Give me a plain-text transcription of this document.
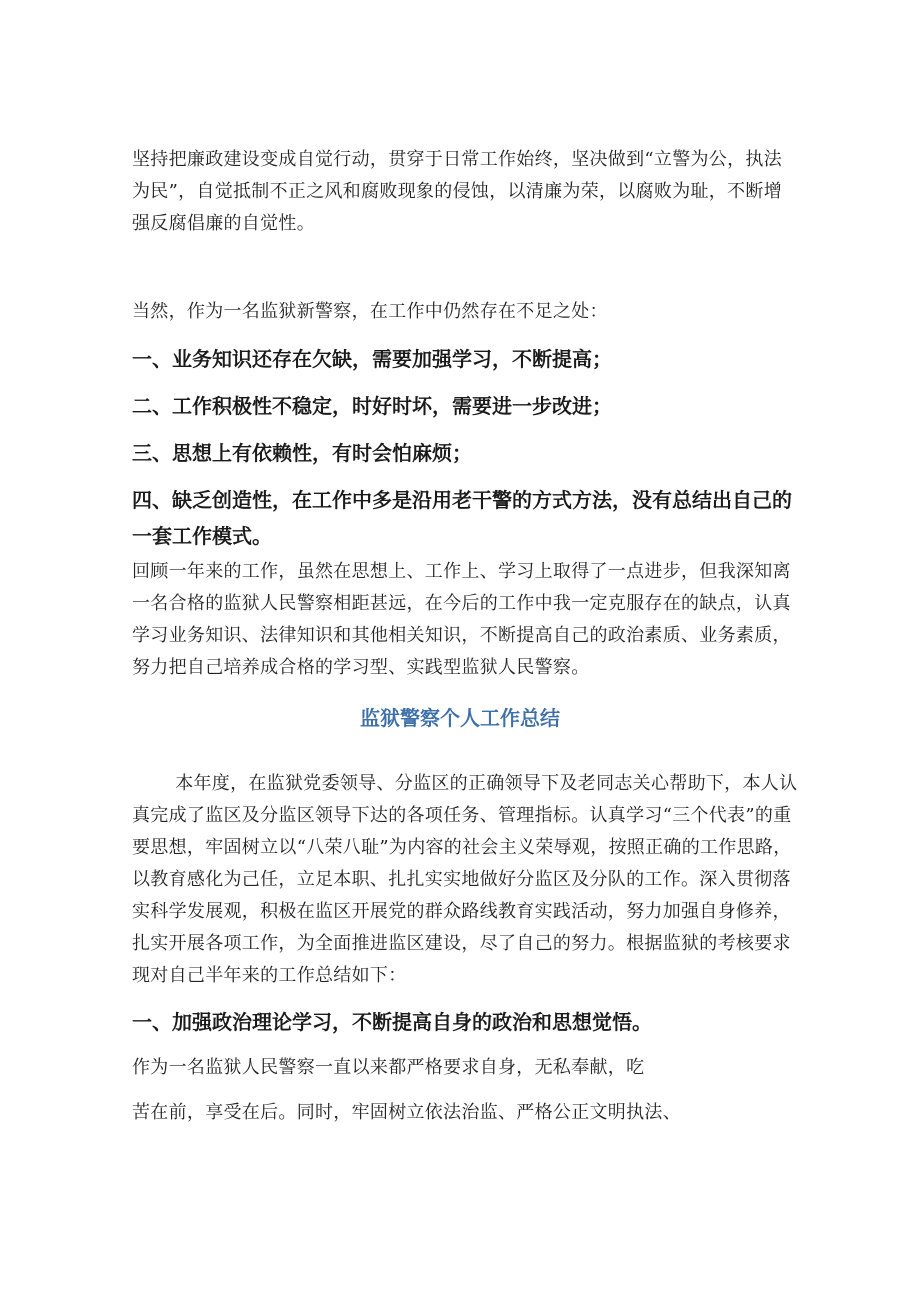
坚持把廉政建设变成自觉行动，贯穿于日常工作始终，坚决做到“立警为公，执法为民”，自觉抵制不正之风和腐败现象的侵蚀，以清廉为荣，以腐败为耻，不断增强反腐倡廉的自觉性。

当然，作为一名监狱新警察，在工作中仍然存在不足之处：

一、业务知识还存在欠缺，需要加强学习，不断提高；

二、工作积极性不稳定，时好时坏，需要进一步改进；

三、思想上有依赖性，有时会怕麻烦；

四、缺乏创造性，在工作中多是沿用老干警的方式方法，没有总结出自己的一套工作模式。

回顾一年来的工作，虽然在思想上、工作上、学习上取得了一点进步，但我深知离一名合格的监狱人民警察相距甚远，在今后的工作中我一定克服存在的缺点，认真学习业务知识、法律知识和其他相关知识，不断提高自己的政治素质、业务素质，努力把自己培养成合格的学习型、实践型监狱人民警察。

监狱警察个人工作总结

本年度，在监狱党委领导、分监区的正确领导下及老同志关心帮助下，本人认真完成了监区及分监区领导下达的各项任务、管理指标。认真学习“三个代表”的重要思想，牢固树立以“八荣八耻”为内容的社会主义荣辱观，按照正确的工作思路，以教育感化为己任，立足本职、扎扎实实地做好分监区及分队的工作。深入贯彻落实科学发展观，积极在监区开展党的群众路线教育实践活动，努力加强自身修养，扎实开展各项工作，为全面推进监区建设，尽了自己的努力。根据监狱的考核要求现对自己半年来的工作总结如下：

一、加强政治理论学习，不断提高自身的政治和思想觉悟。

作为一名监狱人民警察一直以来都严格要求自身，无私奉献，吃

苦在前，享受在后。同时，牢固树立依法治监、严格公正文明执法、
